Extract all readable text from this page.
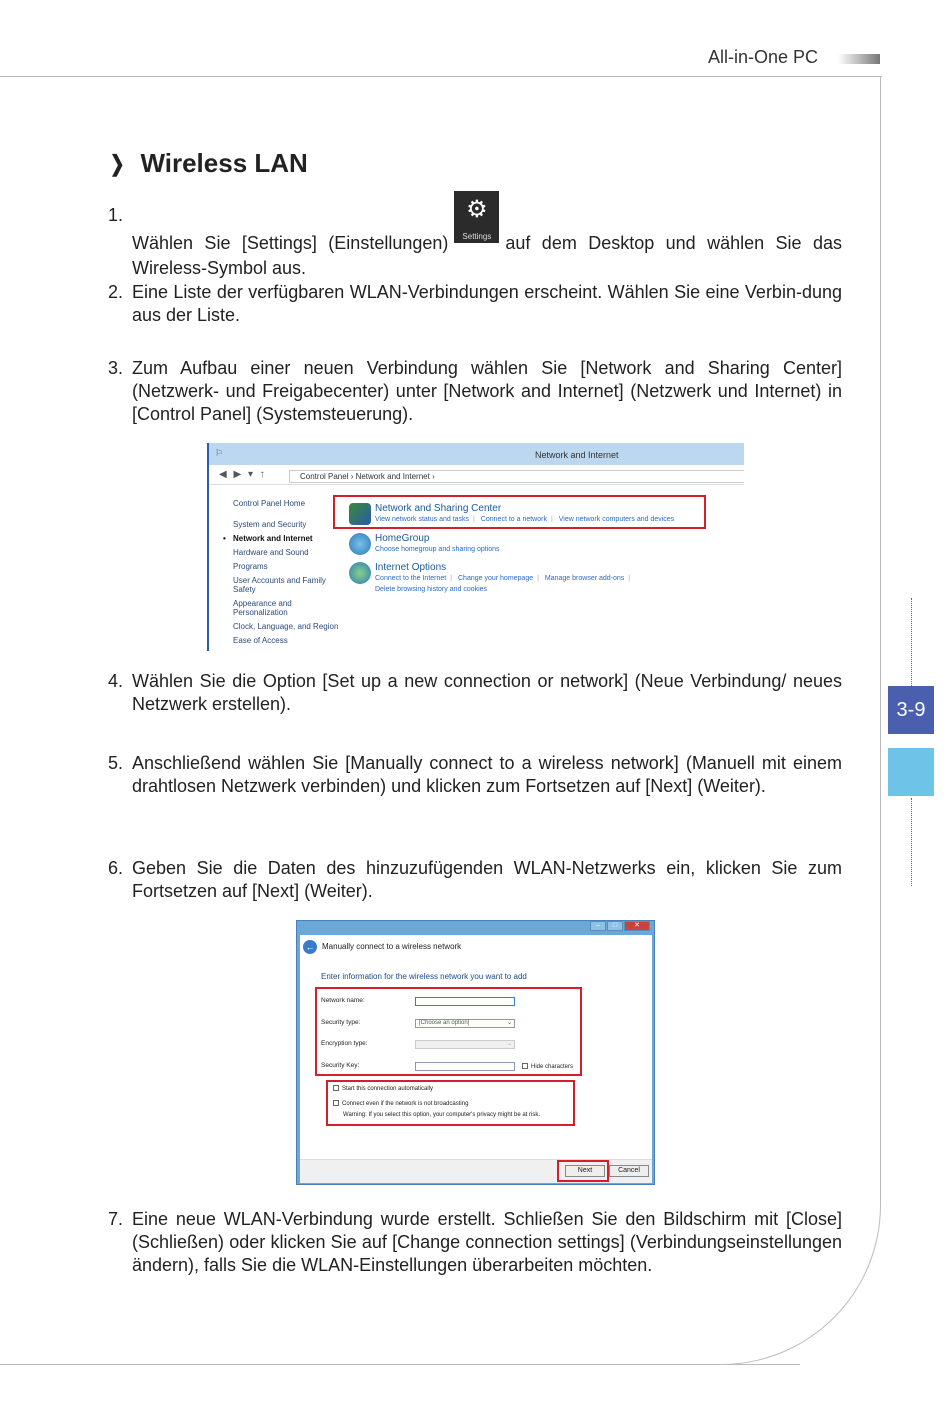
All-in-One PC
3-9
❯ Wireless LAN
1.
Wählen Sie [Settings] (Einstellungen)
⚙
Settings auf dem Desktop und wählen Sie das Wireless-Symbol aus.
2. Eine Liste der verfügbaren WLAN-Verbindungen erscheint. Wählen Sie eine Verbin-dung aus der Liste.
3. Zum Aufbau einer neuen Verbindung wählen Sie [Network and Sharing Center] (Netzwerk- und Freigabecenter) unter [Network and Internet] (Netzwerk und Internet) in [Control Panel] (Systemsteuerung).
⚐	Network and Internet
◀ ▶ ▾ ↑	Control Panel › Network and Internet ›
Control Panel Home
System and Security
• Network and Internet
Hardware and Sound
Programs
User Accounts and Family Safety
Appearance and Personalization
Clock, Language, and Region
Ease of Access
Network and Sharing Center
View network status and tasks | Connect to a network | View network computers and devices
HomeGroup
Choose homegroup and sharing options
Internet Options
Connect to the Internet | Change your homepage | Manage browser add-ons |
Delete browsing history and cookies
4. Wählen Sie die Option [Set up a new connection or network] (Neue Verbindung/ neues Netzwerk erstellen).
5. Anschließend wählen Sie [Manually connect to a wireless network] (Manuell mit einem drahtlosen Netzwerk verbinden) und klicken zum Fortsetzen auf [Next] (Weiter).
6. Geben Sie die Daten des hinzuzufügenden WLAN-Netzwerks ein, klicken Sie zum Fortsetzen auf [Next] (Weiter).
–	□	✕
← Manually connect to a wireless network
Enter information for the wireless network you want to add
Network name:
Security type:	[Choose an option]	⌄
Encryption type:	⌄
Security Key:	Hide characters
Start this connection automatically
Connect even if the network is not broadcasting
Warning: If you select this option, your computer's privacy might be at risk.
Next	Cancel
7. Eine neue WLAN-Verbindung wurde erstellt. Schließen Sie den Bildschirm mit [Close] (Schließen) oder klicken Sie auf [Change connection settings] (Verbindungseinstellungen ändern), falls Sie die WLAN-Einstellungen überarbeiten möchten.
